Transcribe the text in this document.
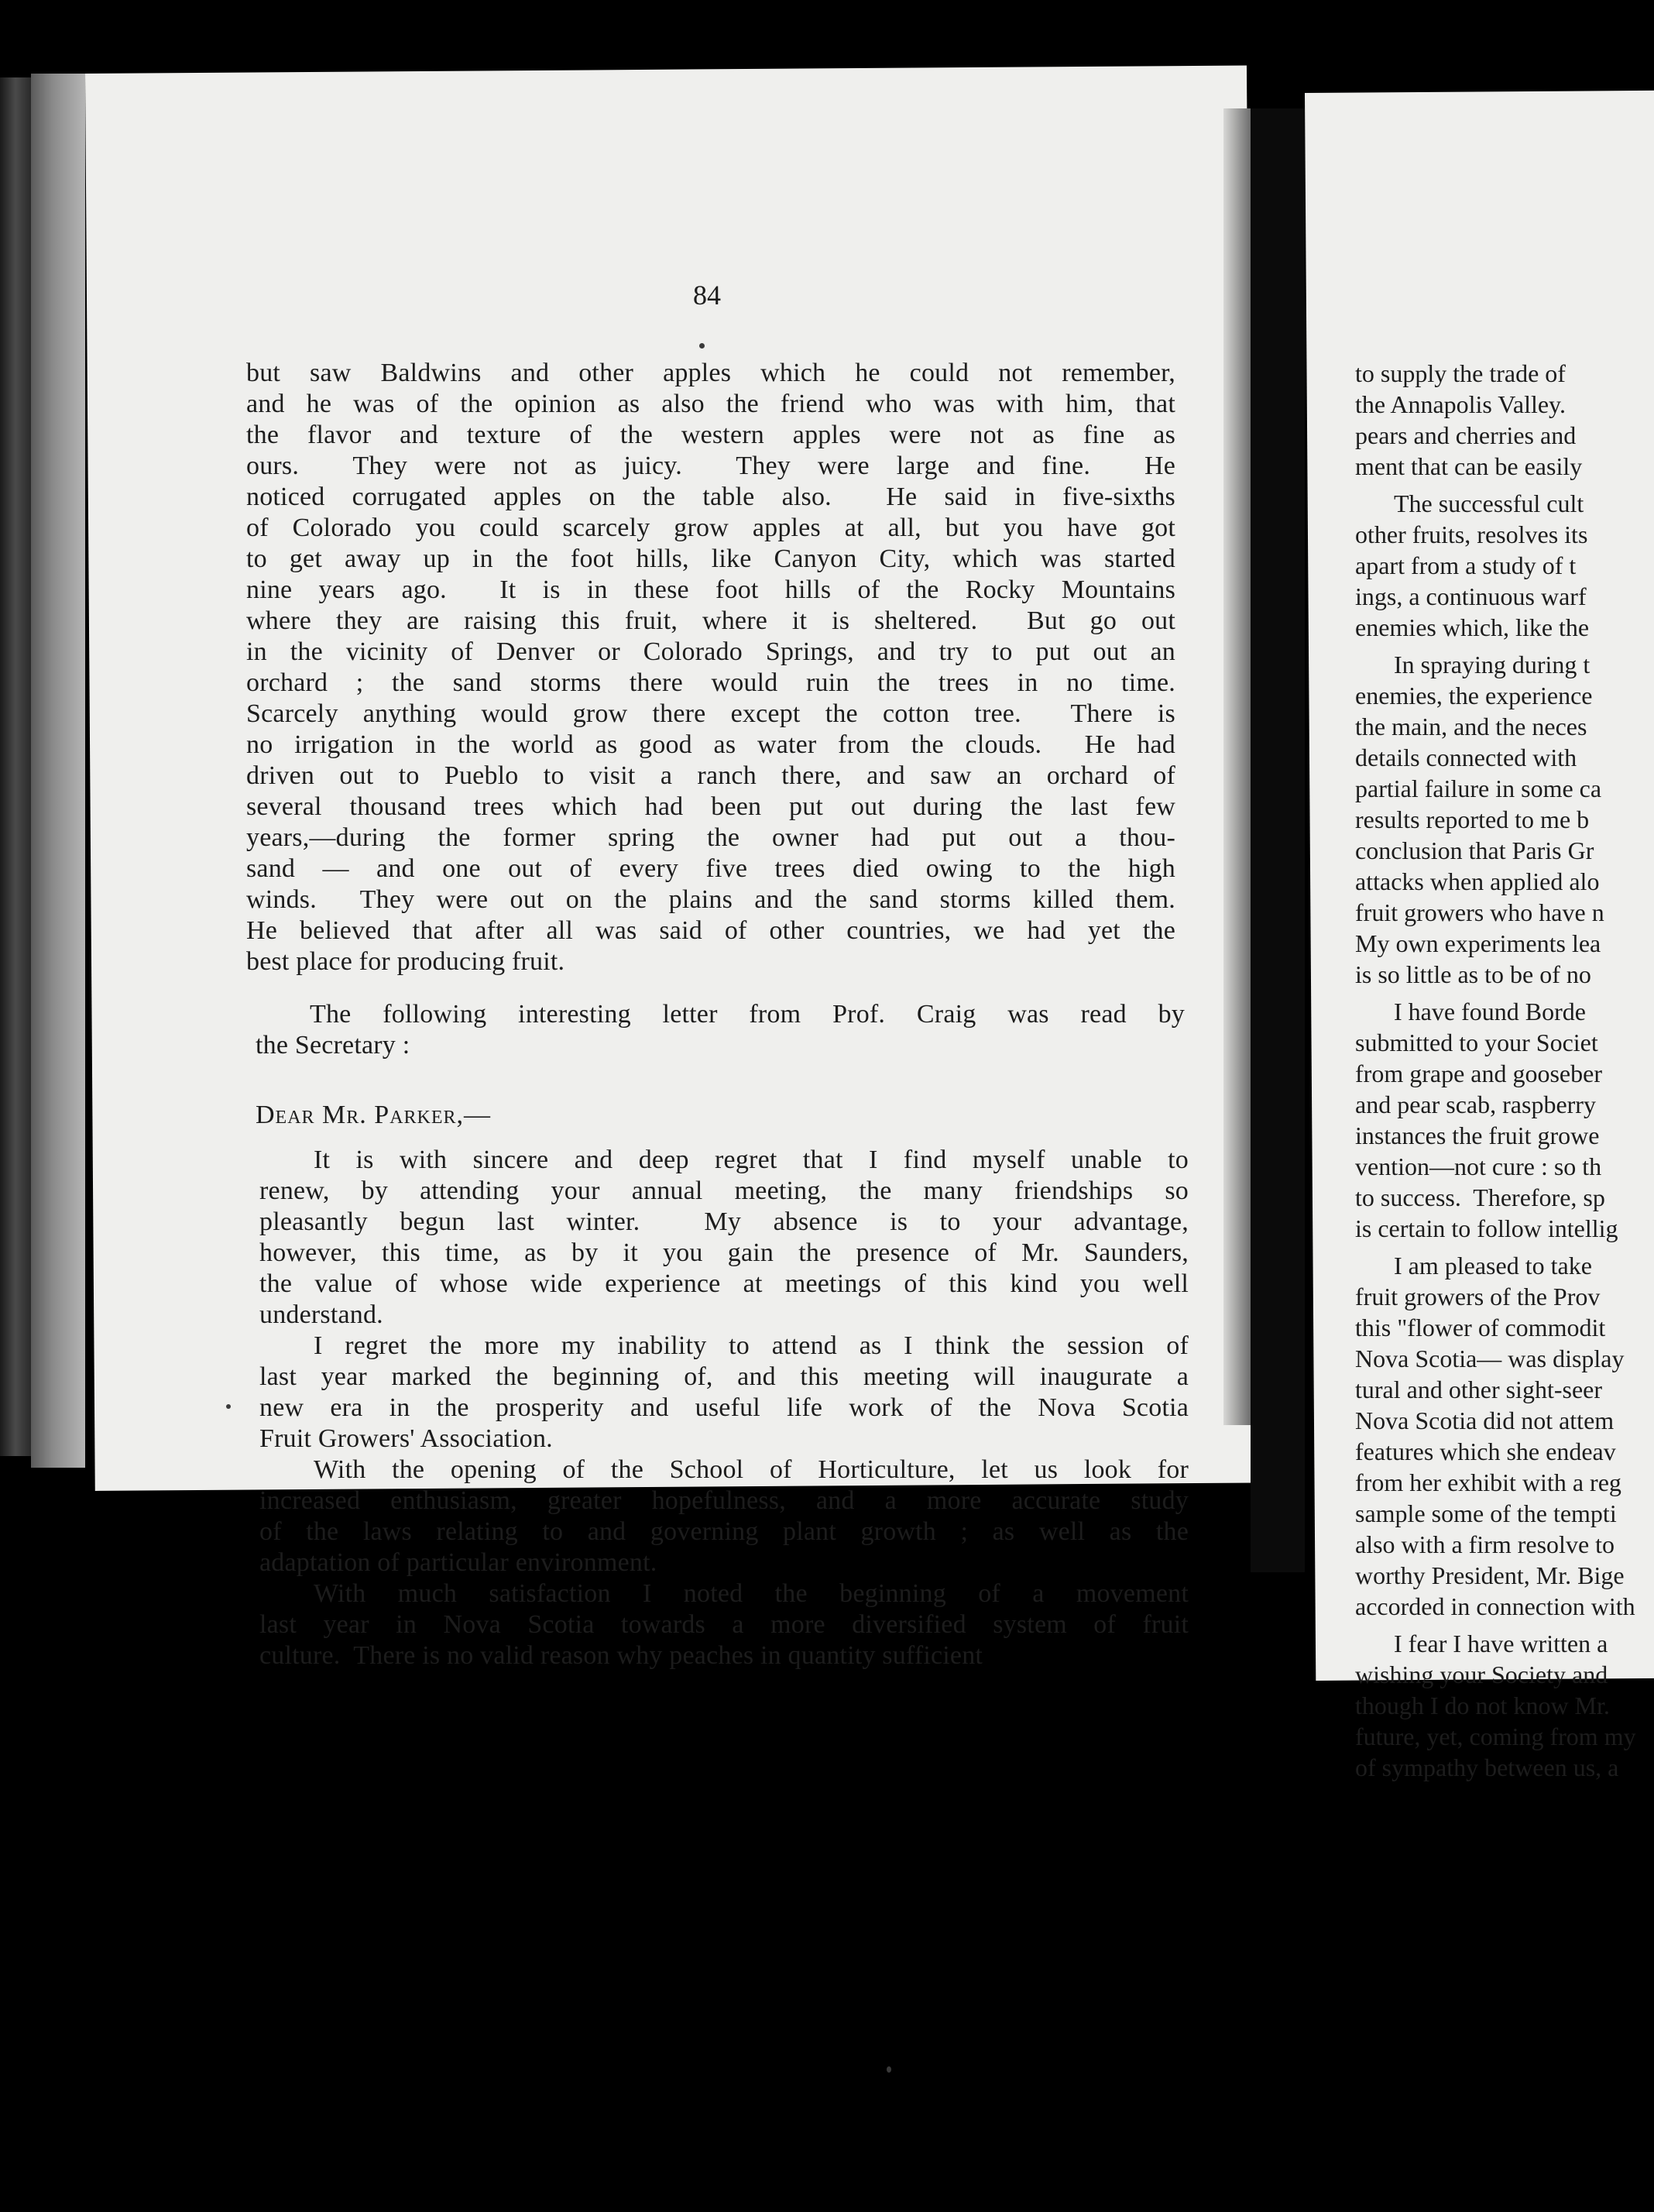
84
but saw Baldwins and other apples which he could not remember,
and he was of the opinion as also the friend who was with him, that
the flavor and texture of the western apples were not as fine as
ours.  They were not as juicy.  They were large and fine.  He
noticed corrugated apples on the table also.  He said in five-sixths
of Colorado you could scarcely grow apples at all, but you have got
to get away up in the foot hills, like Canyon City, which was started
nine years ago.  It is in these foot hills of the Rocky Mountains
where they are raising this fruit, where it is sheltered.  But go out
in the vicinity of Denver or Colorado Springs, and try to put out an
orchard ; the sand storms there would ruin the trees in no time.
Scarcely anything would grow there except the cotton tree.  There is
no irrigation in the world as good as water from the clouds.  He had
driven out to Pueblo to visit a ranch there, and saw an orchard of
several thousand trees which had been put out during the last few
years,—during the former spring the owner had put out a thou-
sand — and one out of every five trees died owing to the high
winds.  They were out on the plains and the sand storms killed them.
He believed that after all was said of other countries, we had yet the
best place for producing fruit.
The following interesting letter from Prof. Craig was read by
the Secretary :
Dear Mr. Parker,—
It is with sincere and deep regret that I find myself unable to
renew, by attending your annual meeting, the many friendships so
pleasantly begun last winter.  My absence is to your advantage,
however, this time, as by it you gain the presence of Mr. Saunders,
the value of whose wide experience at meetings of this kind you well
understand.
I regret the more my inability to attend as I think the session of
last year marked the beginning of, and this meeting will inaugurate a
new era in the prosperity and useful life work of the Nova Scotia
Fruit Growers' Association.
With the opening of the School of Horticulture, let us look for
increased enthusiasm, greater hopefulness, and a more accurate study
of the laws relating to and governing plant growth ; as well as the
adaptation of particular environment.
With much satisfaction I noted the beginning of a movement
last year in Nova Scotia towards a more diversified system of fruit
culture.  There is no valid reason why peaches in quantity sufficient
to supply the trade of
the Annapolis Valley.
pears and cherries and
ment that can be easily
The successful cult
other fruits, resolves its
apart from a study of t
ings, a continuous warf
enemies which, like the
In spraying during t
enemies, the experience
the main, and the neces
details connected with
partial failure in some ca
results reported to me b
conclusion that Paris Gr
attacks when applied alo
fruit growers who have n
My own experiments lea
is so little as to be of no
I have found Borde
submitted to your Societ
from grape and gooseber
and pear scab, raspberry
instances the fruit growe
vention—not cure : so th
to success.  Therefore, sp
is certain to follow intellig
I am pleased to take
fruit growers of the Prov
this "flower of commodit
Nova Scotia— was display
tural and other sight-seer
Nova Scotia did not attem
features which she endeav
from her exhibit with a reg
sample some of the tempti
also with a firm resolve to
worthy President, Mr. Bige
accorded in connection with
I fear I have written a
wishing your Society and
though I do not know Mr.
future, yet, coming from my
of sympathy between us, a
